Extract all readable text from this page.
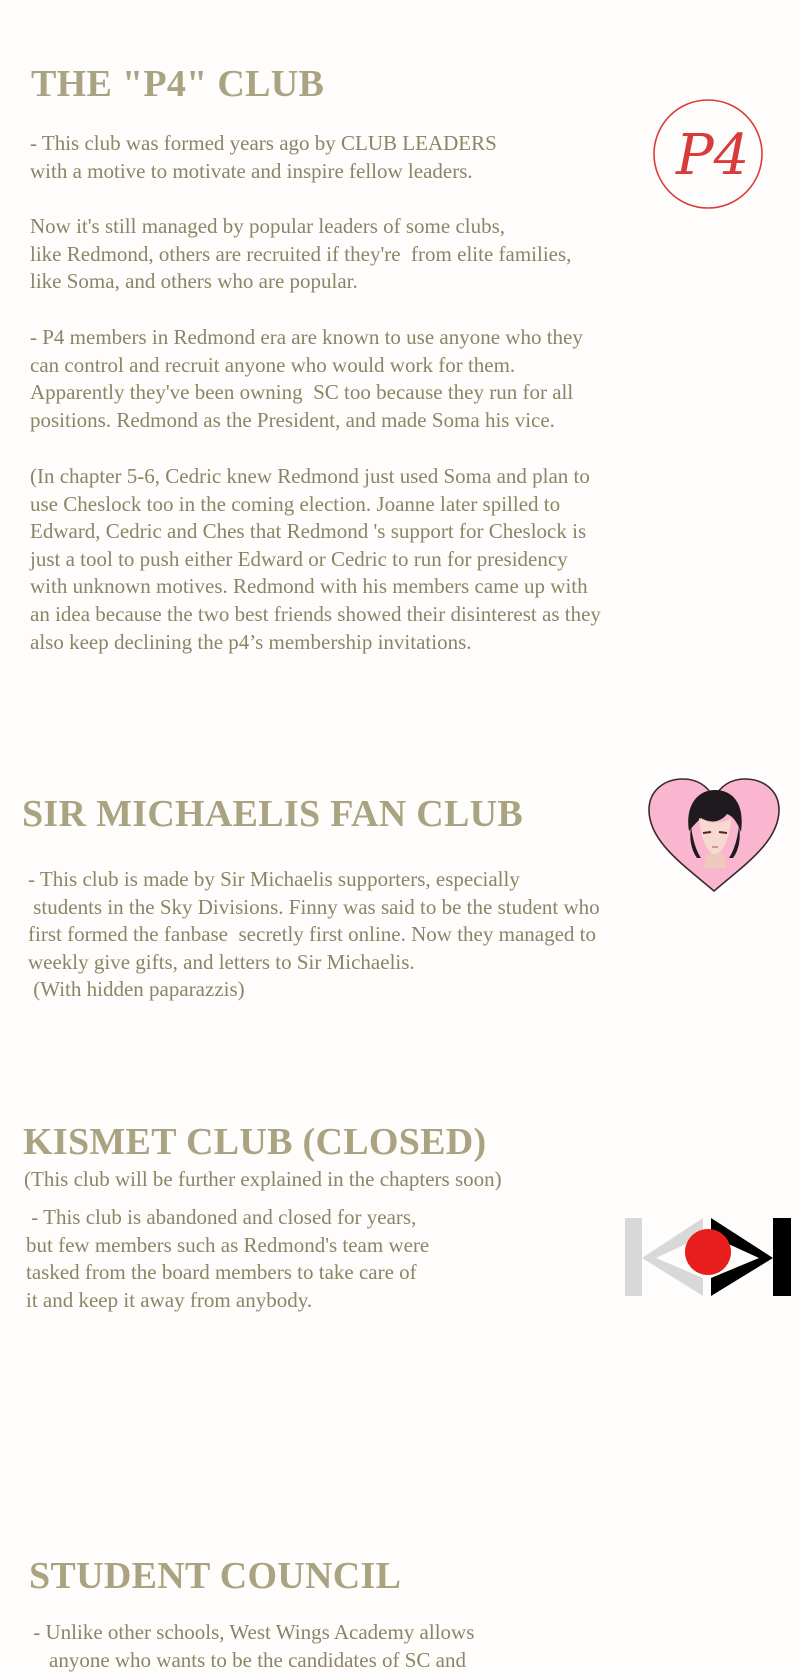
THE "P4" CLUB
P4

- This club was formed years ago by CLUB LEADERS
with a motive to motivate and inspire fellow leaders.

Now it's still managed by popular leaders of some clubs,
like Redmond, others are recruited if they're  from elite families,
like Soma, and others who are popular.

- P4 members in Redmond era are known to use anyone who they
can control and recruit anyone who would work for them.
Apparently they've been owning  SC too because they run for all
positions. Redmond as the President, and made Soma his vice.

(In chapter 5-6, Cedric knew Redmond just used Soma and plan to
use Cheslock too in the coming election. Joanne later spilled to
Edward, Cedric and Ches that Redmond 's support for Cheslock is
just a tool to push either Edward or Cedric to run for presidency
with unknown motives. Redmond with his members came up with
an idea because the two best friends showed their disinterest as they
also keep declining the p4’s membership invitations.

SIR MICHAELIS FAN CLUB

- This club is made by Sir Michaelis supporters, especially
students in the Sky Divisions. Finny was said to be the student who
first formed the fanbase  secretly first online. Now they managed to
weekly give gifts, and letters to Sir Michaelis.
(With hidden paparazzis)

KISMET CLUB (CLOSED)

(This club will be further explained in the chapters soon)

- This club is abandoned and closed for years,
but few members such as Redmond's team were
tasked from the board members to take care of
it and keep it away from anybody.

STUDENT COUNCIL

- Unlike other schools, West Wings Academy allows
anyone who wants to be the candidates of SC and
